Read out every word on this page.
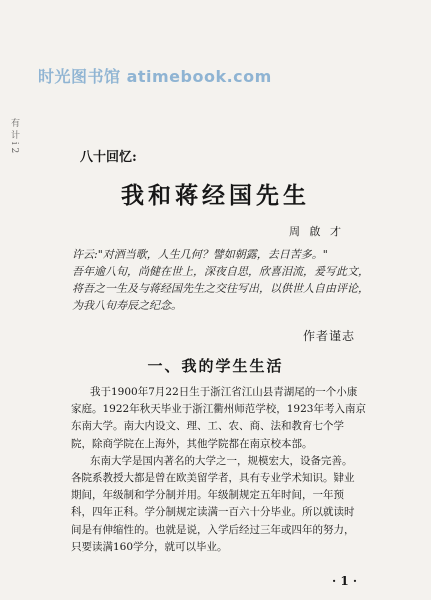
时光图书馆 atimebook.com
有 计 i 2
八十回忆:
我和蒋经国先生
周 啟 才
许云:"对酒当歌，人生几何？譬如朝露，去日苦多。"
吾年逾八旬，尚健在世上，深夜自思，欣喜泪流，爰写此文，
将吾之一生及与蒋经国先生之交往写出，以供世人自由评论，
为我八旬寿辰之纪念。
作者谨志
一、我的学生生活
我于1900年7月22日生于浙江省江山县青湖尾的一个小康
家庭。1922年秋天毕业于浙江衢州师范学校，1923年考入南京
东南大学。南大内设文、理、工、农、商、法和教育七个学
院，除商学院在上海外，其他学院都在南京校本部。
东南大学是国内著名的大学之一，规模宏大，设备完善。
各院系教授大都是曾在欧美留学者，具有专业学术知识。肄业
期间，年级制和学分制并用。年级制规定五年时间，一年预
科，四年正科。学分制规定读满一百六十分毕业。所以就读时
间是有伸缩性的。也就是说，入学后经过三年或四年的努力，
只要读满160学分，就可以毕业。
· 1 ·
